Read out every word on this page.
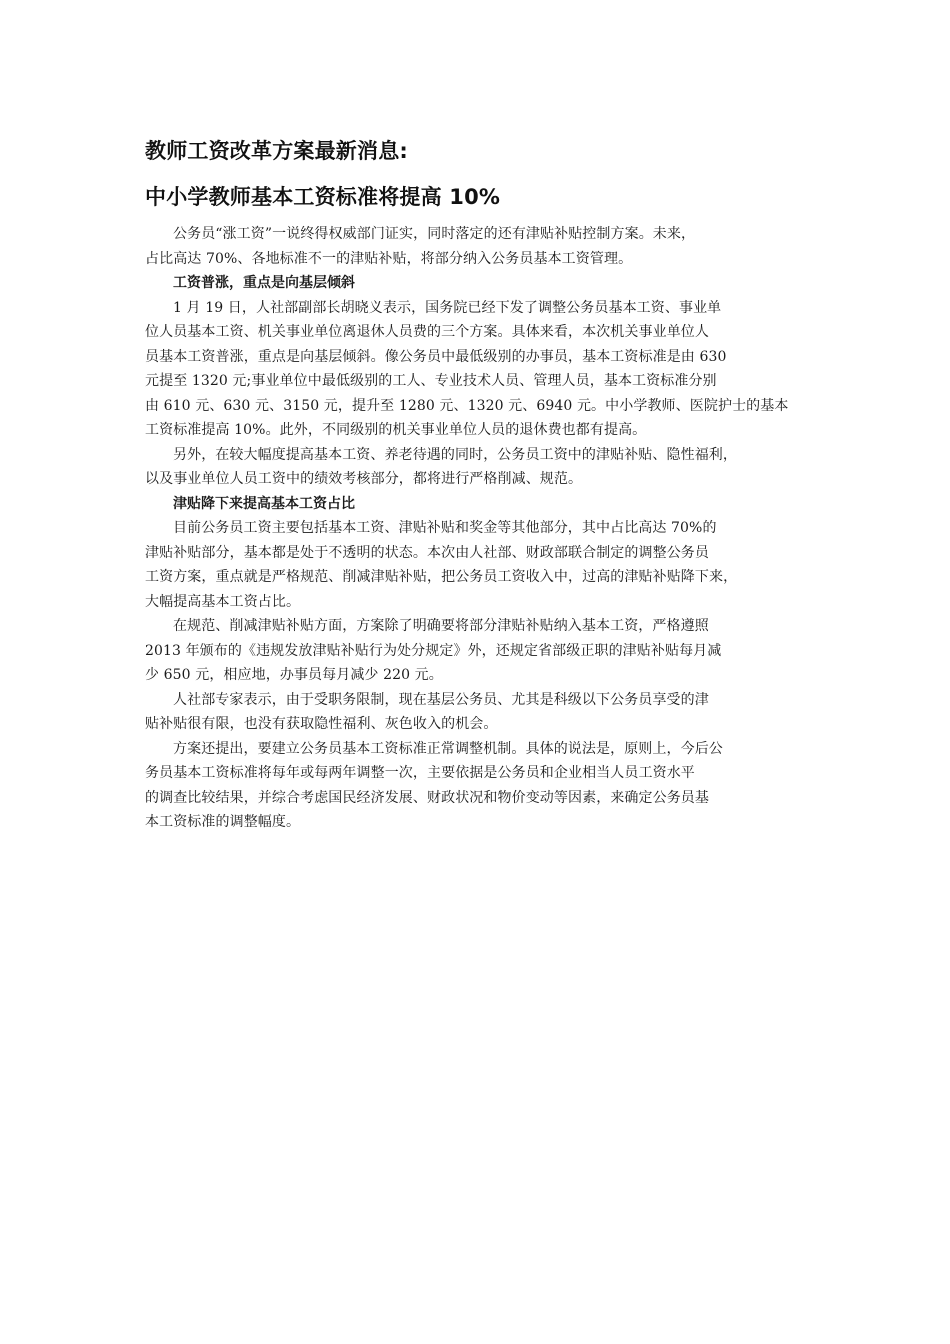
教师工资改革方案最新消息:
中小学教师基本工资标准将提高 10%

公务员“涨工资”一说终得权威部门证实，同时落定的还有津贴补贴控制方案。未来，
占比高达 70%、各地标准不一的津贴补贴，将部分纳入公务员基本工资管理。

工资普涨，重点是向基层倾斜

1 月 19 日，人社部副部长胡晓义表示，国务院已经下发了调整公务员基本工资、事业单
位人员基本工资、机关事业单位离退休人员费的三个方案。具体来看，本次机关事业单位人
员基本工资普涨，重点是向基层倾斜。像公务员中最低级别的办事员，基本工资标准是由 630
元提至 1320 元;事业单位中最低级别的工人、专业技术人员、管理人员，基本工资标准分别
由 610 元、630 元、3150 元，提升至 1280 元、1320 元、6940 元。中小学教师、医院护士的基本
工资标准提高 10%。此外，不同级别的机关事业单位人员的退休费也都有提高。

另外，在较大幅度提高基本工资、养老待遇的同时，公务员工资中的津贴补贴、隐性福利，
以及事业单位人员工资中的绩效考核部分，都将进行严格削减、规范。

津贴降下来提高基本工资占比

目前公务员工资主要包括基本工资、津贴补贴和奖金等其他部分，其中占比高达 70%的
津贴补贴部分，基本都是处于不透明的状态。本次由人社部、财政部联合制定的调整公务员
工资方案，重点就是严格规范、削减津贴补贴，把公务员工资收入中，过高的津贴补贴降下来，
大幅提高基本工资占比。

在规范、削减津贴补贴方面，方案除了明确要将部分津贴补贴纳入基本工资，严格遵照
2013 年颁布的《违规发放津贴补贴行为处分规定》外，还规定省部级正职的津贴补贴每月减
少 650 元，相应地，办事员每月减少 220 元。

人社部专家表示，由于受职务限制，现在基层公务员、尤其是科级以下公务员享受的津
贴补贴很有限，也没有获取隐性福利、灰色收入的机会。

方案还提出，要建立公务员基本工资标准正常调整机制。具体的说法是，原则上，今后公
务员基本工资标准将每年或每两年调整一次，主要依据是公务员和企业相当人员工资水平
的调查比较结果，并综合考虑国民经济发展、财政状况和物价变动等因素，来确定公务员基
本工资标准的调整幅度。
